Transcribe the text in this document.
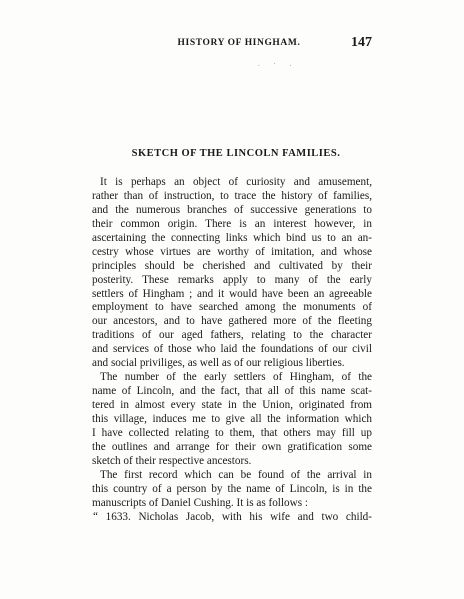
HISTORY OF HINGHAM.	147
. · .
SKETCH OF THE LINCOLN FAMILIES.
It is perhaps an object of curiosity and amusement,
rather than of instruction, to trace the history of families,
and the numerous branches of successive generations to
their common origin. There is an interest however, in
ascertaining the connecting links which bind us to an an-
cestry whose virtues are worthy of imitation, and whose
principles should be cherished and cultivated by their
posterity. These remarks apply to many of the early
settlers of Hingham ; and it would have been an agreeable
employment to have searched among the monuments of
our ancestors, and to have gathered more of the fleeting
traditions of our aged fathers, relating to the character
and services of those who laid the foundations of our civil
and social priviliges, as well as of our religious liberties.
The number of the early settlers of Hingham, of the
name of Lincoln, and the fact, that all of this name scat-
tered in almost every state in the Union, originated from
this village, induces me to give all the information which
I have collected relating to them, that others may fill up
the outlines and arrange for their own gratification some
sketch of their respective ancestors.
The first record which can be found of the arrival in
this country of a person by the name of Lincoln, is in the
manuscripts of Daniel Cushing. It is as follows :
“ 1633. Nicholas Jacob, with his wife and two child-
